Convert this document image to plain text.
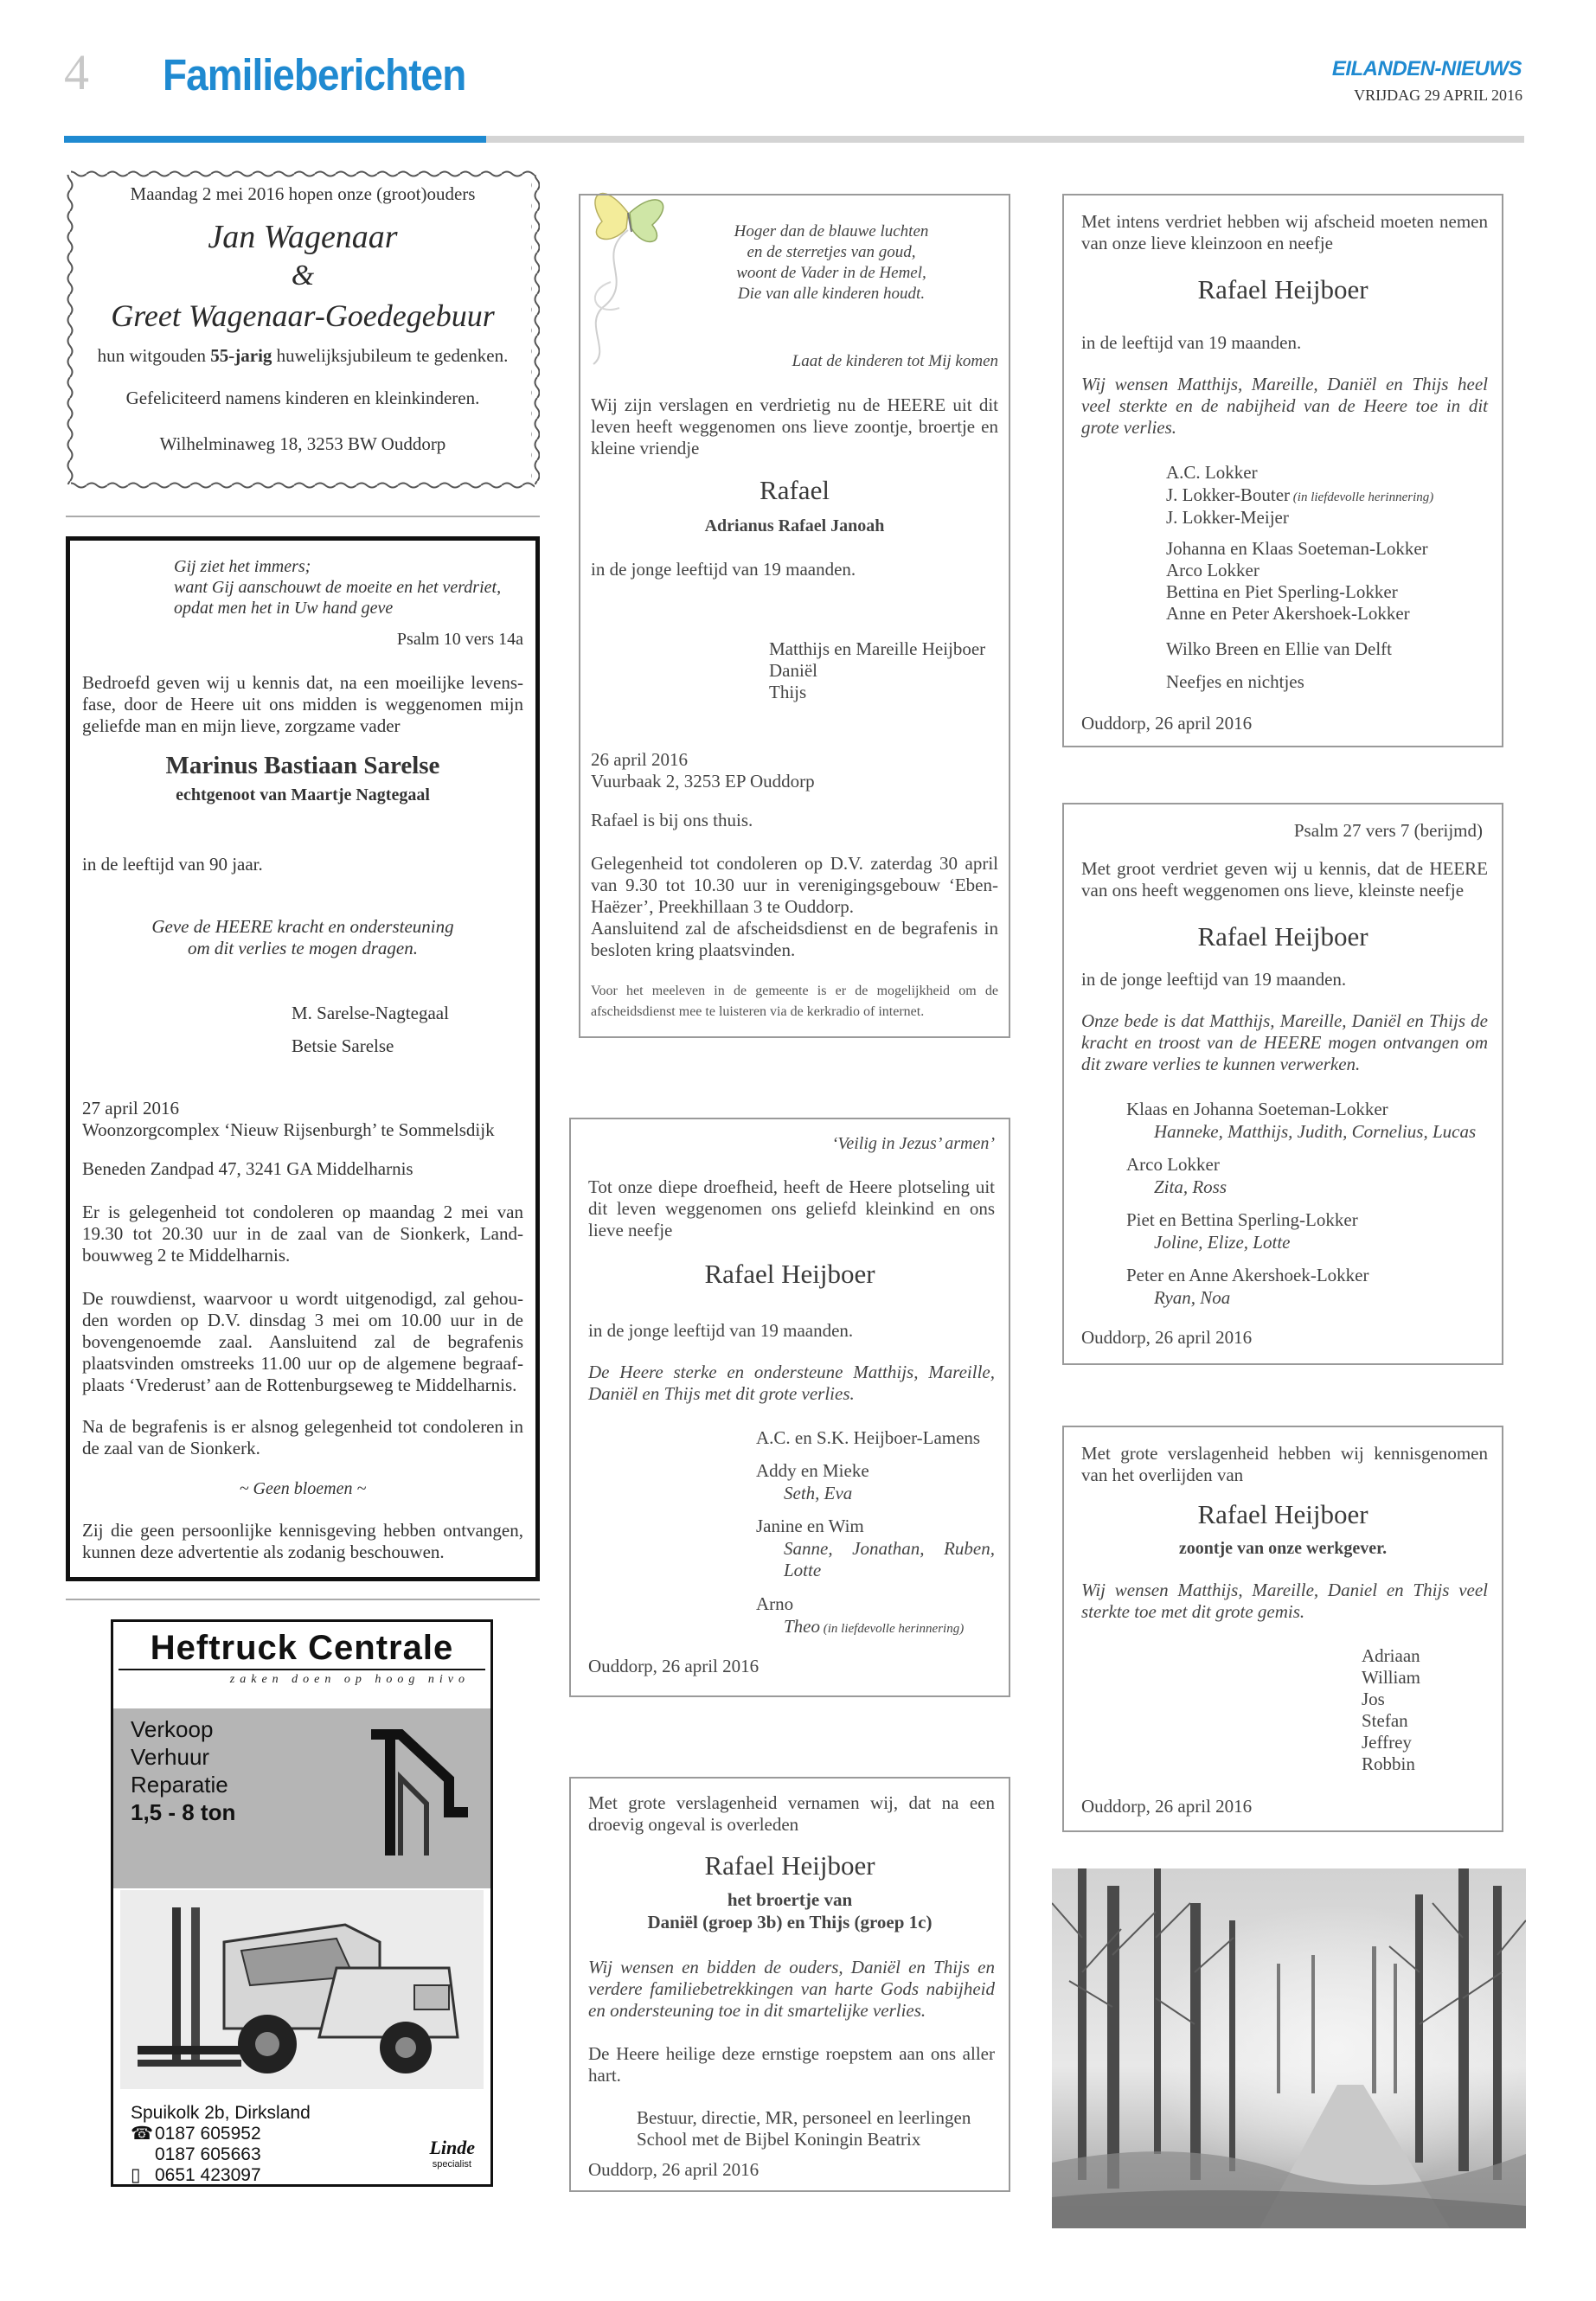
4 Familieberichten	EILANDEN-NIEUWS
VRIJDAG 29 APRIL 2016

Maandag 2 mei 2016 hopen onze (groot)ouders

Jan Wagenaar

&

Greet Wagenaar-Goedegebuur

hun witgouden 55-jarig huwelijksjubileum te gedenken.

Gefeliciteerd namens kinderen en kleinkinderen.

Wilhelminaweg 18, 3253 BW Ouddorp

Gij ziet het immers;
want Gij aanschouwt de moeite en het verdriet,
opdat men het in Uw hand geve
Psalm 10 vers 14a

Bedroefd geven wij u kennis dat, na een moeilijke levens-fase, door de Heere uit ons midden is weggenomen mijn geliefde man en mijn lieve, zorgzame vader

Marinus Bastiaan Sarelse

echtgenoot van Maartje Nagtegaal

in de leeftijd van 90 jaar.

Geve de HEERE kracht en ondersteuning
om dit verlies te mogen dragen.

M. Sarelse-Nagtegaal

Betsie Sarelse

27 april 2016
Woonzorgcomplex ‘Nieuw Rijsenburgh’ te Sommelsdijk

Beneden Zandpad 47, 3241 GA Middelharnis

Er is gelegenheid tot condoleren op maandag 2 mei van 19.30 tot 20.30 uur in de zaal van de Sionkerk, Land-bouwweg 2 te Middelharnis.

De rouwdienst, waarvoor u wordt uitgenodigd, zal gehou-den worden op D.V. dinsdag 3 mei om 10.00 uur in de bovengenoemde zaal. Aansluitend zal de begrafenis plaatsvinden omstreeks 11.00 uur op de algemene begraaf-plaats ‘Vrederust’ aan de Rottenburgseweg te Middelharnis.

Na de begrafenis is er alsnog gelegenheid tot condoleren in de zaal van de Sionkerk.

~ Geen bloemen ~

Zij die geen persoonlijke kennisgeving hebben ontvangen, kunnen deze advertentie als zodanig beschouwen.

Heftruck Centrale
zaken doen op hoog nivo
Verkoop
Verhuur
Reparatie
1,5 - 8 ton
Spuikolk 2b, Dirksland
☎0187 605952
0187 605663
▯ 0651 423097
Linde
specialist
Hoger dan de blauwe luchten
en de sterretjes van goud,
woont de Vader in de Hemel,
Die van alle kinderen houdt.

Laat de kinderen tot Mij komen

Wij zijn verslagen en verdrietig nu de HEERE uit dit leven heeft weggenomen ons lieve zoontje, broertje en kleine vriendje

Rafael

Adrianus Rafael Janoah

in de jonge leeftijd van 19 maanden.

Matthijs en Mareille Heijboer
Daniël
Thijs
26 april 2016
Vuurbaak 2, 3253 EP Ouddorp

Rafael is bij ons thuis.

Gelegenheid tot condoleren op D.V. zaterdag 30 april van 9.30 tot 10.30 uur in verenigingsgebouw ‘Eben-Haëzer’, Preekhillaan 3 te Ouddorp.
Aansluitend zal de afscheidsdienst en de begrafenis in besloten kring plaatsvinden.

Voor het meeleven in de gemeente is er de mogelijkheid om de afscheidsdienst mee te luisteren via de kerkradio of internet.

‘Veilig in Jezus’ armen’

Tot onze diepe droefheid, heeft de Heere plotseling uit dit leven weggenomen ons geliefd kleinkind en ons lieve neefje

Rafael Heijboer

in de jonge leeftijd van 19 maanden.

De Heere sterke en ondersteune Matthijs, Mareille, Daniël en Thijs met dit grote verlies.

A.C. en S.K. Heijboer-Lamens

Addy en Mieke

Seth, Eva

Janine en Wim

Sanne, Jonathan, Ruben, Lotte

Arno

Theo (in liefdevolle herinnering)

Ouddorp, 26 april 2016

Met grote verslagenheid vernamen wij, dat na een droevig ongeval is overleden

Rafael Heijboer

het broertje van

Daniël (groep 3b) en Thijs (groep 1c)

Wij wensen en bidden de ouders, Daniël en Thijs en verdere familiebetrekkingen van harte Gods nabijheid en ondersteuning toe in dit smartelijke verlies.

De Heere heilige deze ernstige roepstem aan ons aller hart.

Bestuur, directie, MR, personeel en leerlingen
School met de Bijbel Koningin Beatrix

Ouddorp, 26 april 2016

Met intens verdriet hebben wij afscheid moeten nemen van onze lieve kleinzoon en neefje

Rafael Heijboer

in de leeftijd van 19 maanden.

Wij wensen Matthijs, Mareille, Daniël en Thijs heel veel sterkte en de nabijheid van de Heere toe in dit grote verlies.

A.C. Lokker

J. Lokker-Bouter (in liefdevolle herinnering)

J. Lokker-Meijer

Johanna en Klaas Soeteman-Lokker
Arco Lokker
Bettina en Piet Sperling-Lokker
Anne en Peter Akershoek-Lokker

Wilko Breen en Ellie van Delft

Neefjes en nichtjes

Ouddorp, 26 april 2016

Psalm 27 vers 7 (berijmd)

Met groot verdriet geven wij u kennis, dat de HEERE van ons heeft weggenomen ons lieve, kleinste neefje

Rafael Heijboer

in de jonge leeftijd van 19 maanden.

Onze bede is dat Matthijs, Mareille, Daniël en Thijs de kracht en troost van de HEERE mogen ontvangen om dit zware verlies te kunnen verwerken.

Klaas en Johanna Soeteman-Lokker

Hanneke, Matthijs, Judith, Cornelius, Lucas

Arco Lokker

Zita, Ross

Piet en Bettina Sperling-Lokker

Joline, Elize, Lotte

Peter en Anne Akershoek-Lokker

Ryan, Noa

Ouddorp, 26 april 2016

Met grote verslagenheid hebben wij kennisgenomen van het overlijden van

Rafael Heijboer

zoontje van onze werkgever.

Wij wensen Matthijs, Mareille, Daniel en Thijs veel sterkte toe met dit grote gemis.

Adriaan
William
Jos
Stefan
Jeffrey
Robbin

Ouddorp, 26 april 2016
